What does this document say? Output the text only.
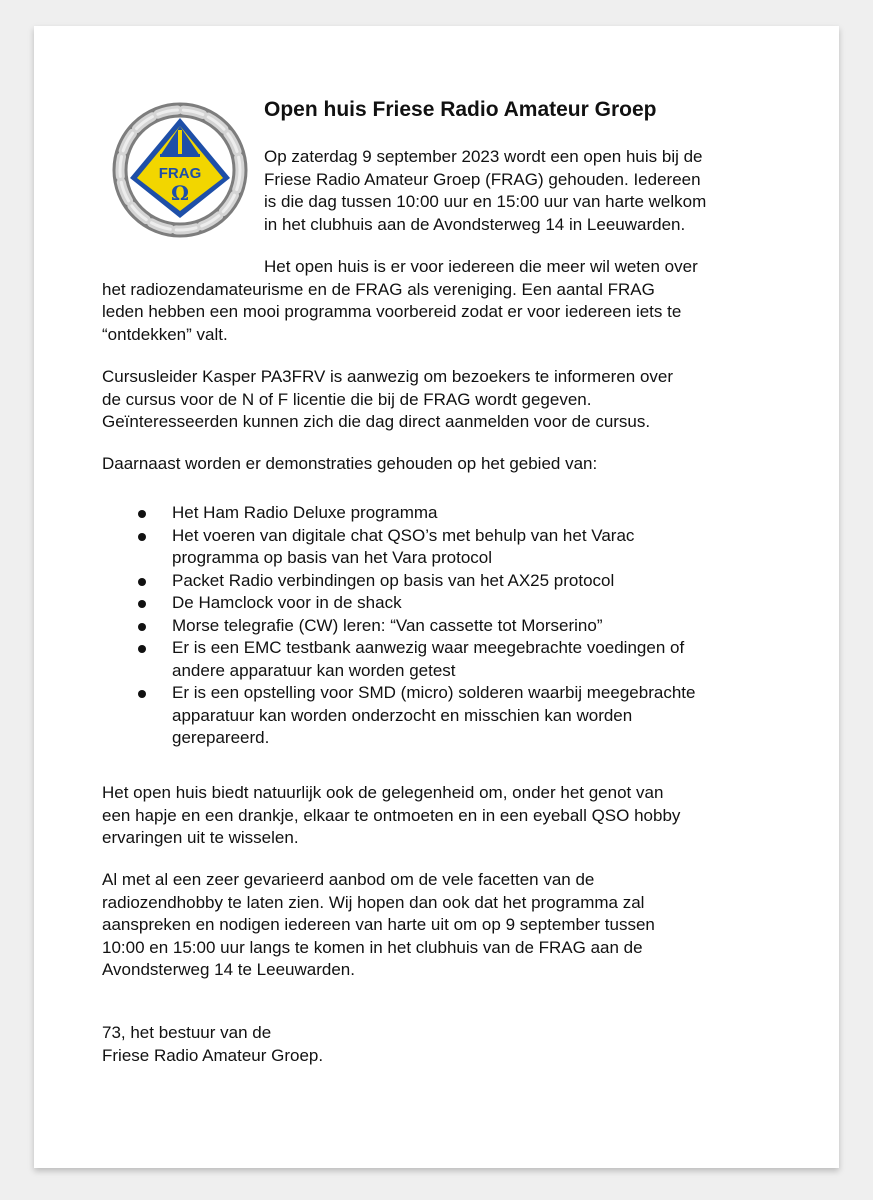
FRAG
Ω
Open huis Friese Radio Amateur Groep

Op zaterdag 9 september 2023 wordt een open huis bij de
Friese Radio Amateur Groep (FRAG) gehouden. Iedereen
is die dag tussen 10:00 uur en 15:00 uur van harte welkom
in het clubhuis aan de Avondsterweg 14 in Leeuwarden.

Het open huis is er voor iedereen die meer wil weten over
het radiozendamateurisme en de FRAG als vereniging. Een aantal FRAG
leden hebben een mooi programma voorbereid zodat er voor iedereen iets te
“ontdekken” valt.

Cursusleider Kasper PA3FRV is aanwezig om bezoekers te informeren over
de cursus voor de N of F licentie die bij de FRAG wordt gegeven.
Geïnteresseerden kunnen zich die dag direct aanmelden voor de cursus.

Daarnaast worden er demonstraties gehouden op het gebied van:

Het Ham Radio Deluxe programma
Het voeren van digitale chat QSO’s met behulp van het Varac
programma op basis van het Vara protocol
Packet Radio verbindingen op basis van het AX25 protocol
De Hamclock voor in de shack
Morse telegrafie (CW) leren: “Van cassette tot Morserino”
Er is een EMC testbank aanwezig waar meegebrachte voedingen of
andere apparatuur kan worden getest
Er is een opstelling voor SMD (micro) solderen waarbij meegebrachte
apparatuur kan worden onderzocht en misschien kan worden
gerepareerd.

Het open huis biedt natuurlijk ook de gelegenheid om, onder het genot van
een hapje en een drankje, elkaar te ontmoeten en in een eyeball QSO hobby
ervaringen uit te wisselen.

Al met al een zeer gevarieerd aanbod om de vele facetten van de
radiozendhobby te laten zien. Wij hopen dan ook dat het programma zal
aanspreken en nodigen iedereen van harte uit om op 9 september tussen
10:00 en 15:00 uur langs te komen in het clubhuis van de FRAG aan de
Avondsterweg 14 te Leeuwarden.

73, het bestuur van de
Friese Radio Amateur Groep.
